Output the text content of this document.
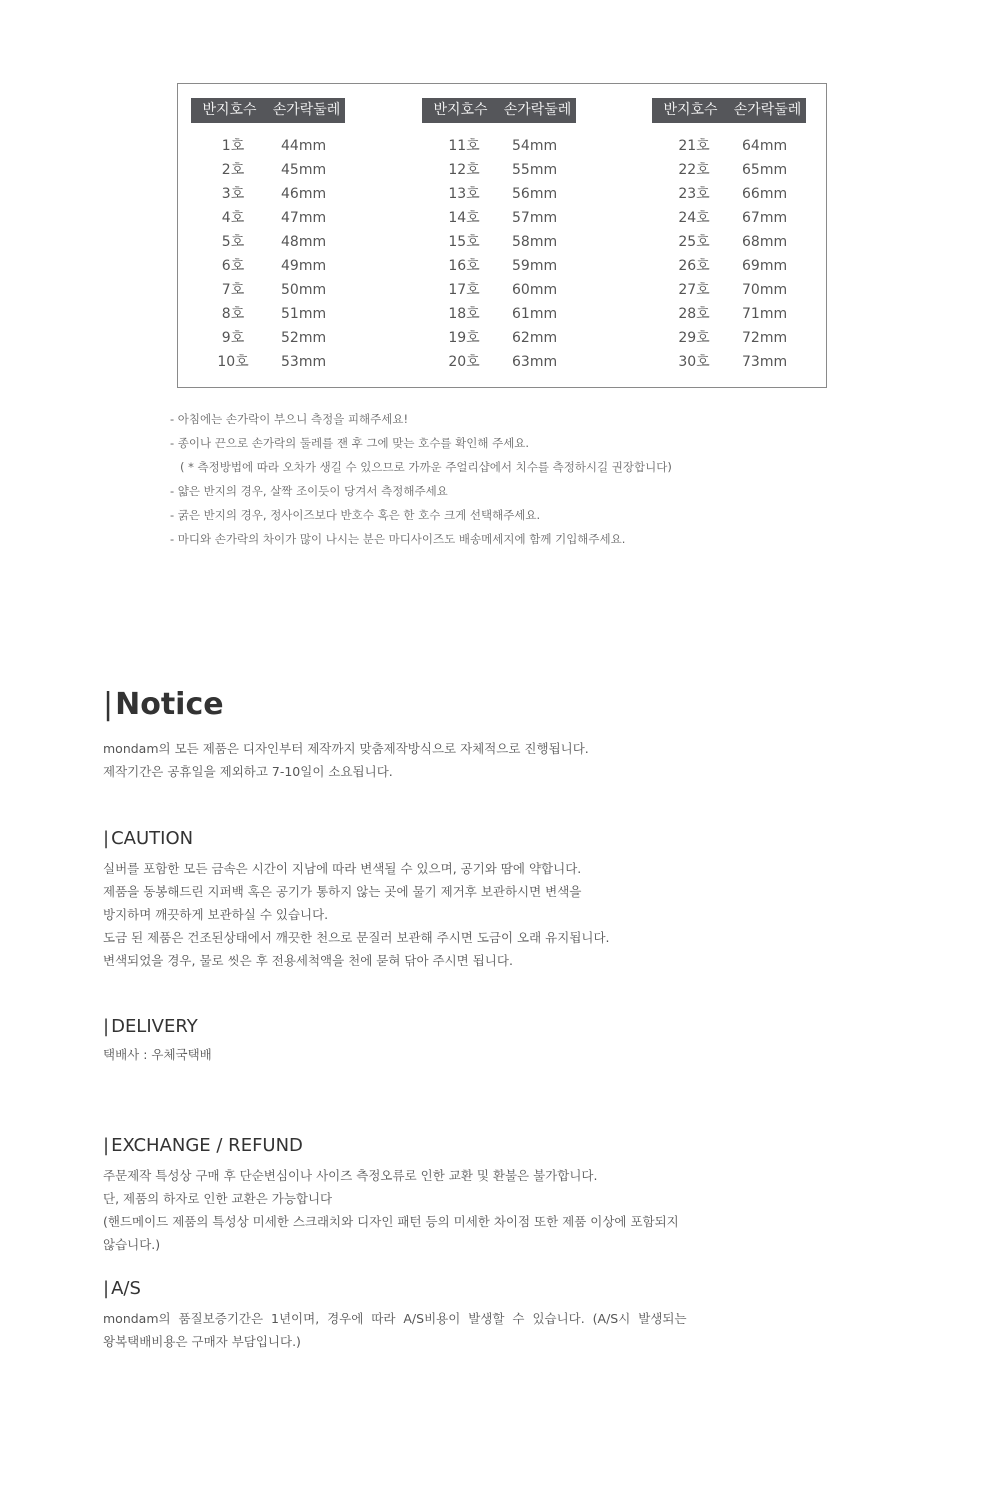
반지호수	손가락둘레
1호	44mm
2호	45mm
3호	46mm
4호	47mm
5호	48mm
6호	49mm
7호	50mm
8호	51mm
9호	52mm
10호	53mm
반지호수	손가락둘레
11호	54mm
12호	55mm
13호	56mm
14호	57mm
15호	58mm
16호	59mm
17호	60mm
18호	61mm
19호	62mm
20호	63mm
반지호수	손가락둘레
21호	64mm
22호	65mm
23호	66mm
24호	67mm
25호	68mm
26호	69mm
27호	70mm
28호	71mm
29호	72mm
30호	73mm
- 아침에는 손가락이 부으니 측정을 피해주세요!
- 종이나 끈으로 손가락의 둘레를 잰 후 그에 맞는 호수를 확인해 주세요.
( * 측정방법에 따라 오차가 생길 수 있으므로 가까운 주얼리샵에서 치수를 측정하시길 권장합니다)
- 얇은 반지의 경우, 살짝 조이듯이 당겨서 측정해주세요
- 굵은 반지의 경우, 정사이즈보다 반호수 혹은 한 호수 크게 선택해주세요.
- 마디와 손가락의 차이가 많이 나시는 분은 마디사이즈도 배송메세지에 함께 기입해주세요.
|Notice
mondam의 모든 제품은 디자인부터 제작까지 맞춤제작방식으로 자체적으로 진행됩니다.
제작기간은 공휴일을 제외하고 7-10일이 소요됩니다.
| CAUTION
실버를 포함한 모든 금속은 시간이 지남에 따라 변색될 수 있으며, 공기와 땀에 약합니다.
제품을 동봉해드린 지퍼백 혹은 공기가 통하지 않는 곳에 물기 제거후 보관하시면 변색을
방지하며 깨끗하게 보관하실 수 있습니다.
도금 된 제품은 건조된상태에서 깨끗한 천으로 문질러 보관해 주시면 도금이 오래 유지됩니다.
변색되었을 경우, 물로 씻은 후 전용세척액을 천에 묻혀 닦아 주시면 됩니다.
| DELIVERY
택배사 : 우체국택배
| EXCHANGE / REFUND
주문제작 특성상 구매 후 단순변심이나 사이즈 측정오류로 인한 교환 및 환불은 불가합니다.
단, 제품의 하자로 인한 교환은 가능합니다
(핸드메이드 제품의 특성상 미세한 스크래치와 디자인 패턴 등의 미세한 차이점 또한 제품 이상에 포함되지
않습니다.)
| A/S
mondam의  품질보증기간은  1년이며,  경우에  따라  A/S비용이  발생할  수  있습니다.  (A/S시  발생되는
왕복택배비용은 구매자 부담입니다.)
